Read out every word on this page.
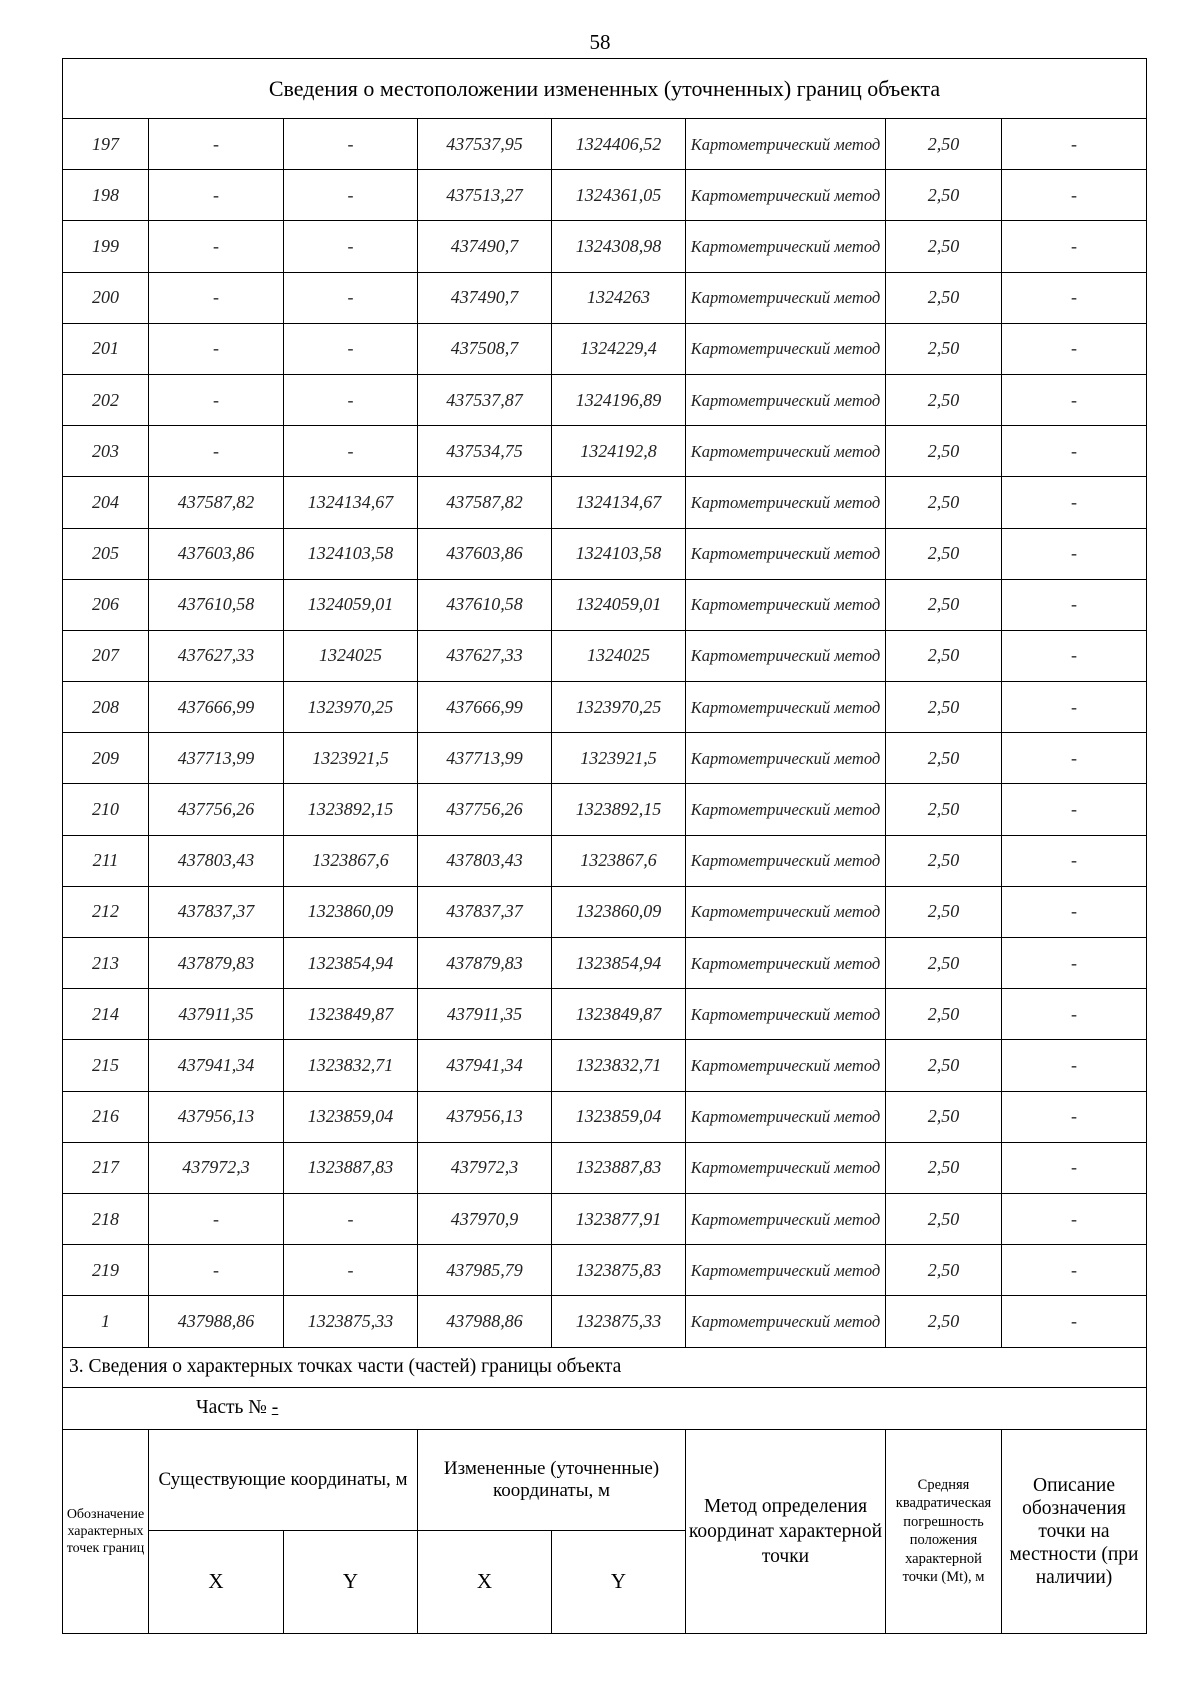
58
Сведения о местоположении измененных (уточненных) границ объекта							
197	-	-	437537,95	1324406,52	Картометрический метод	2,50	-
198	-	-	437513,27	1324361,05	Картометрический метод	2,50	-
199	-	-	437490,7	1324308,98	Картометрический метод	2,50	-
200	-	-	437490,7	1324263	Картометрический метод	2,50	-
201	-	-	437508,7	1324229,4	Картометрический метод	2,50	-
202	-	-	437537,87	1324196,89	Картометрический метод	2,50	-
203	-	-	437534,75	1324192,8	Картометрический метод	2,50	-
204	437587,82	1324134,67	437587,82	1324134,67	Картометрический метод	2,50	-
205	437603,86	1324103,58	437603,86	1324103,58	Картометрический метод	2,50	-
206	437610,58	1324059,01	437610,58	1324059,01	Картометрический метод	2,50	-
207	437627,33	1324025	437627,33	1324025	Картометрический метод	2,50	-
208	437666,99	1323970,25	437666,99	1323970,25	Картометрический метод	2,50	-
209	437713,99	1323921,5	437713,99	1323921,5	Картометрический метод	2,50	-
210	437756,26	1323892,15	437756,26	1323892,15	Картометрический метод	2,50	-
211	437803,43	1323867,6	437803,43	1323867,6	Картометрический метод	2,50	-
212	437837,37	1323860,09	437837,37	1323860,09	Картометрический метод	2,50	-
213	437879,83	1323854,94	437879,83	1323854,94	Картометрический метод	2,50	-
214	437911,35	1323849,87	437911,35	1323849,87	Картометрический метод	2,50	-
215	437941,34	1323832,71	437941,34	1323832,71	Картометрический метод	2,50	-
216	437956,13	1323859,04	437956,13	1323859,04	Картометрический метод	2,50	-
217	437972,3	1323887,83	437972,3	1323887,83	Картометрический метод	2,50	-
218	-	-	437970,9	1323877,91	Картометрический метод	2,50	-
219	-	-	437985,79	1323875,83	Картометрический метод	2,50	-
1	437988,86	1323875,33	437988,86	1323875,33	Картометрический метод	2,50	-
3. Сведения о характерных точках части (частей) границы объекта							
Часть № -							
Обозначение характерных точек границ	Существующие координаты, м		Измененные (уточненные) координаты, м		Метод определения координат характерной точки	Средняя квадратическая погрешность положения характерной точки (Mt), м	Описание обозначения точки на местности (при наличии)
	X	Y	X	Y			
